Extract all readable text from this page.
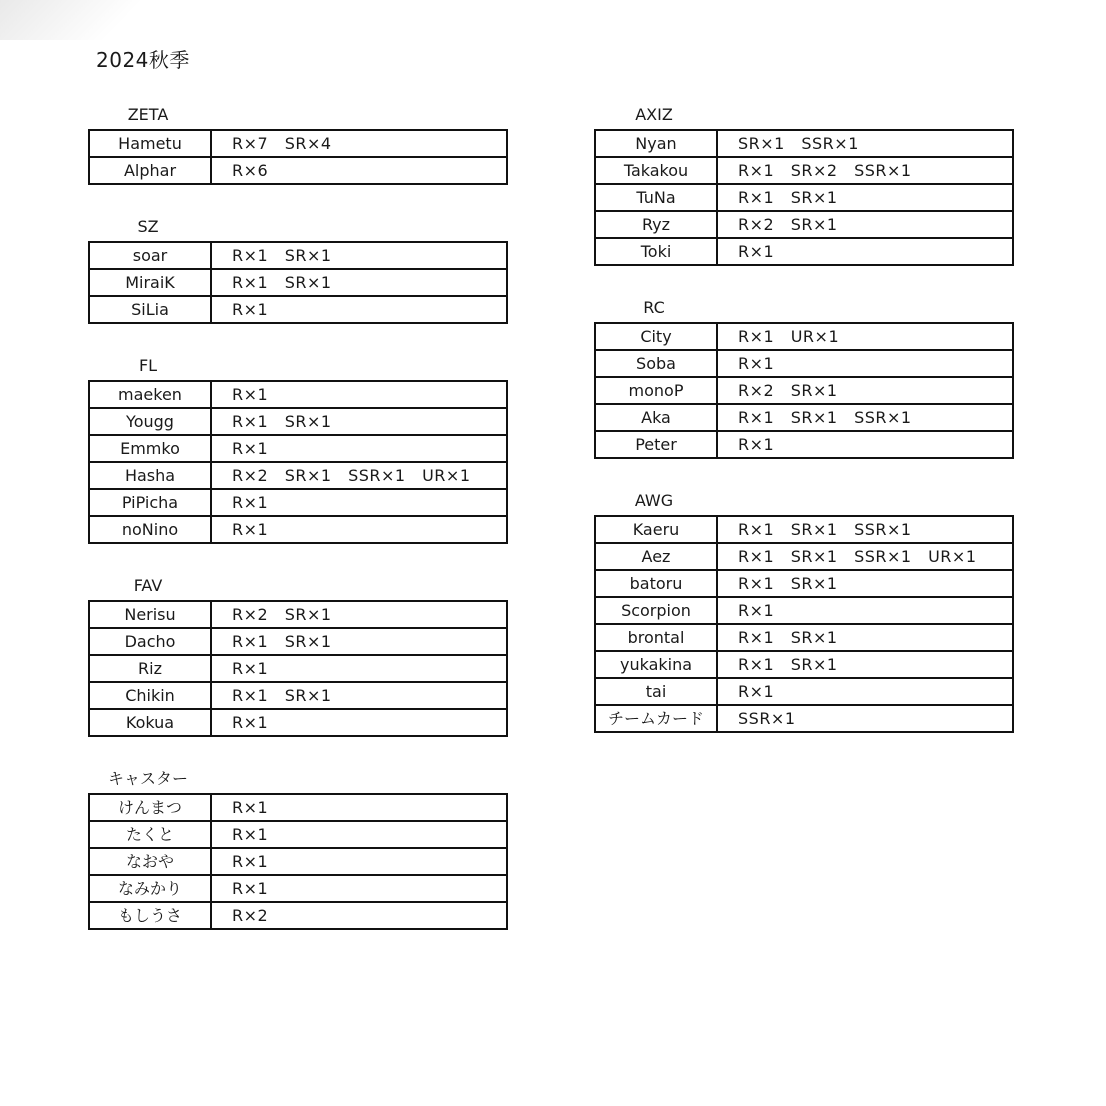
2024秋季
ZETA
Hametu	R×7　SR×4
Alphar	R×6
SZ
soar	R×1　SR×1
MiraiK	R×1　SR×1
SiLia	R×1
FL
maeken	R×1
Yougg	R×1　SR×1
Emmko	R×1
Hasha	R×2　SR×1　SSR×1　UR×1
PiPicha	R×1
noNino	R×1
FAV
Nerisu	R×2　SR×1
Dacho	R×1　SR×1
Riz	R×1
Chikin	R×1　SR×1
Kokua	R×1
キャスター
けんまつ	R×1
たくと	R×1
なおや	R×1
なみかり	R×1
もしうさ	R×2
AXIZ
Nyan	SR×1　SSR×1
Takakou	R×1　SR×2　SSR×1
TuNa	R×1　SR×1
Ryz	R×2　SR×1
Toki	R×1
RC
City	R×1　UR×1
Soba	R×1
monoP	R×2　SR×1
Aka	R×1　SR×1　SSR×1
Peter	R×1
AWG
Kaeru	R×1　SR×1　SSR×1
Aez	R×1　SR×1　SSR×1　UR×1
batoru	R×1　SR×1
Scorpion	R×1
brontal	R×1　SR×1
yukakina	R×1　SR×1
tai	R×1
チームカード	SSR×1
